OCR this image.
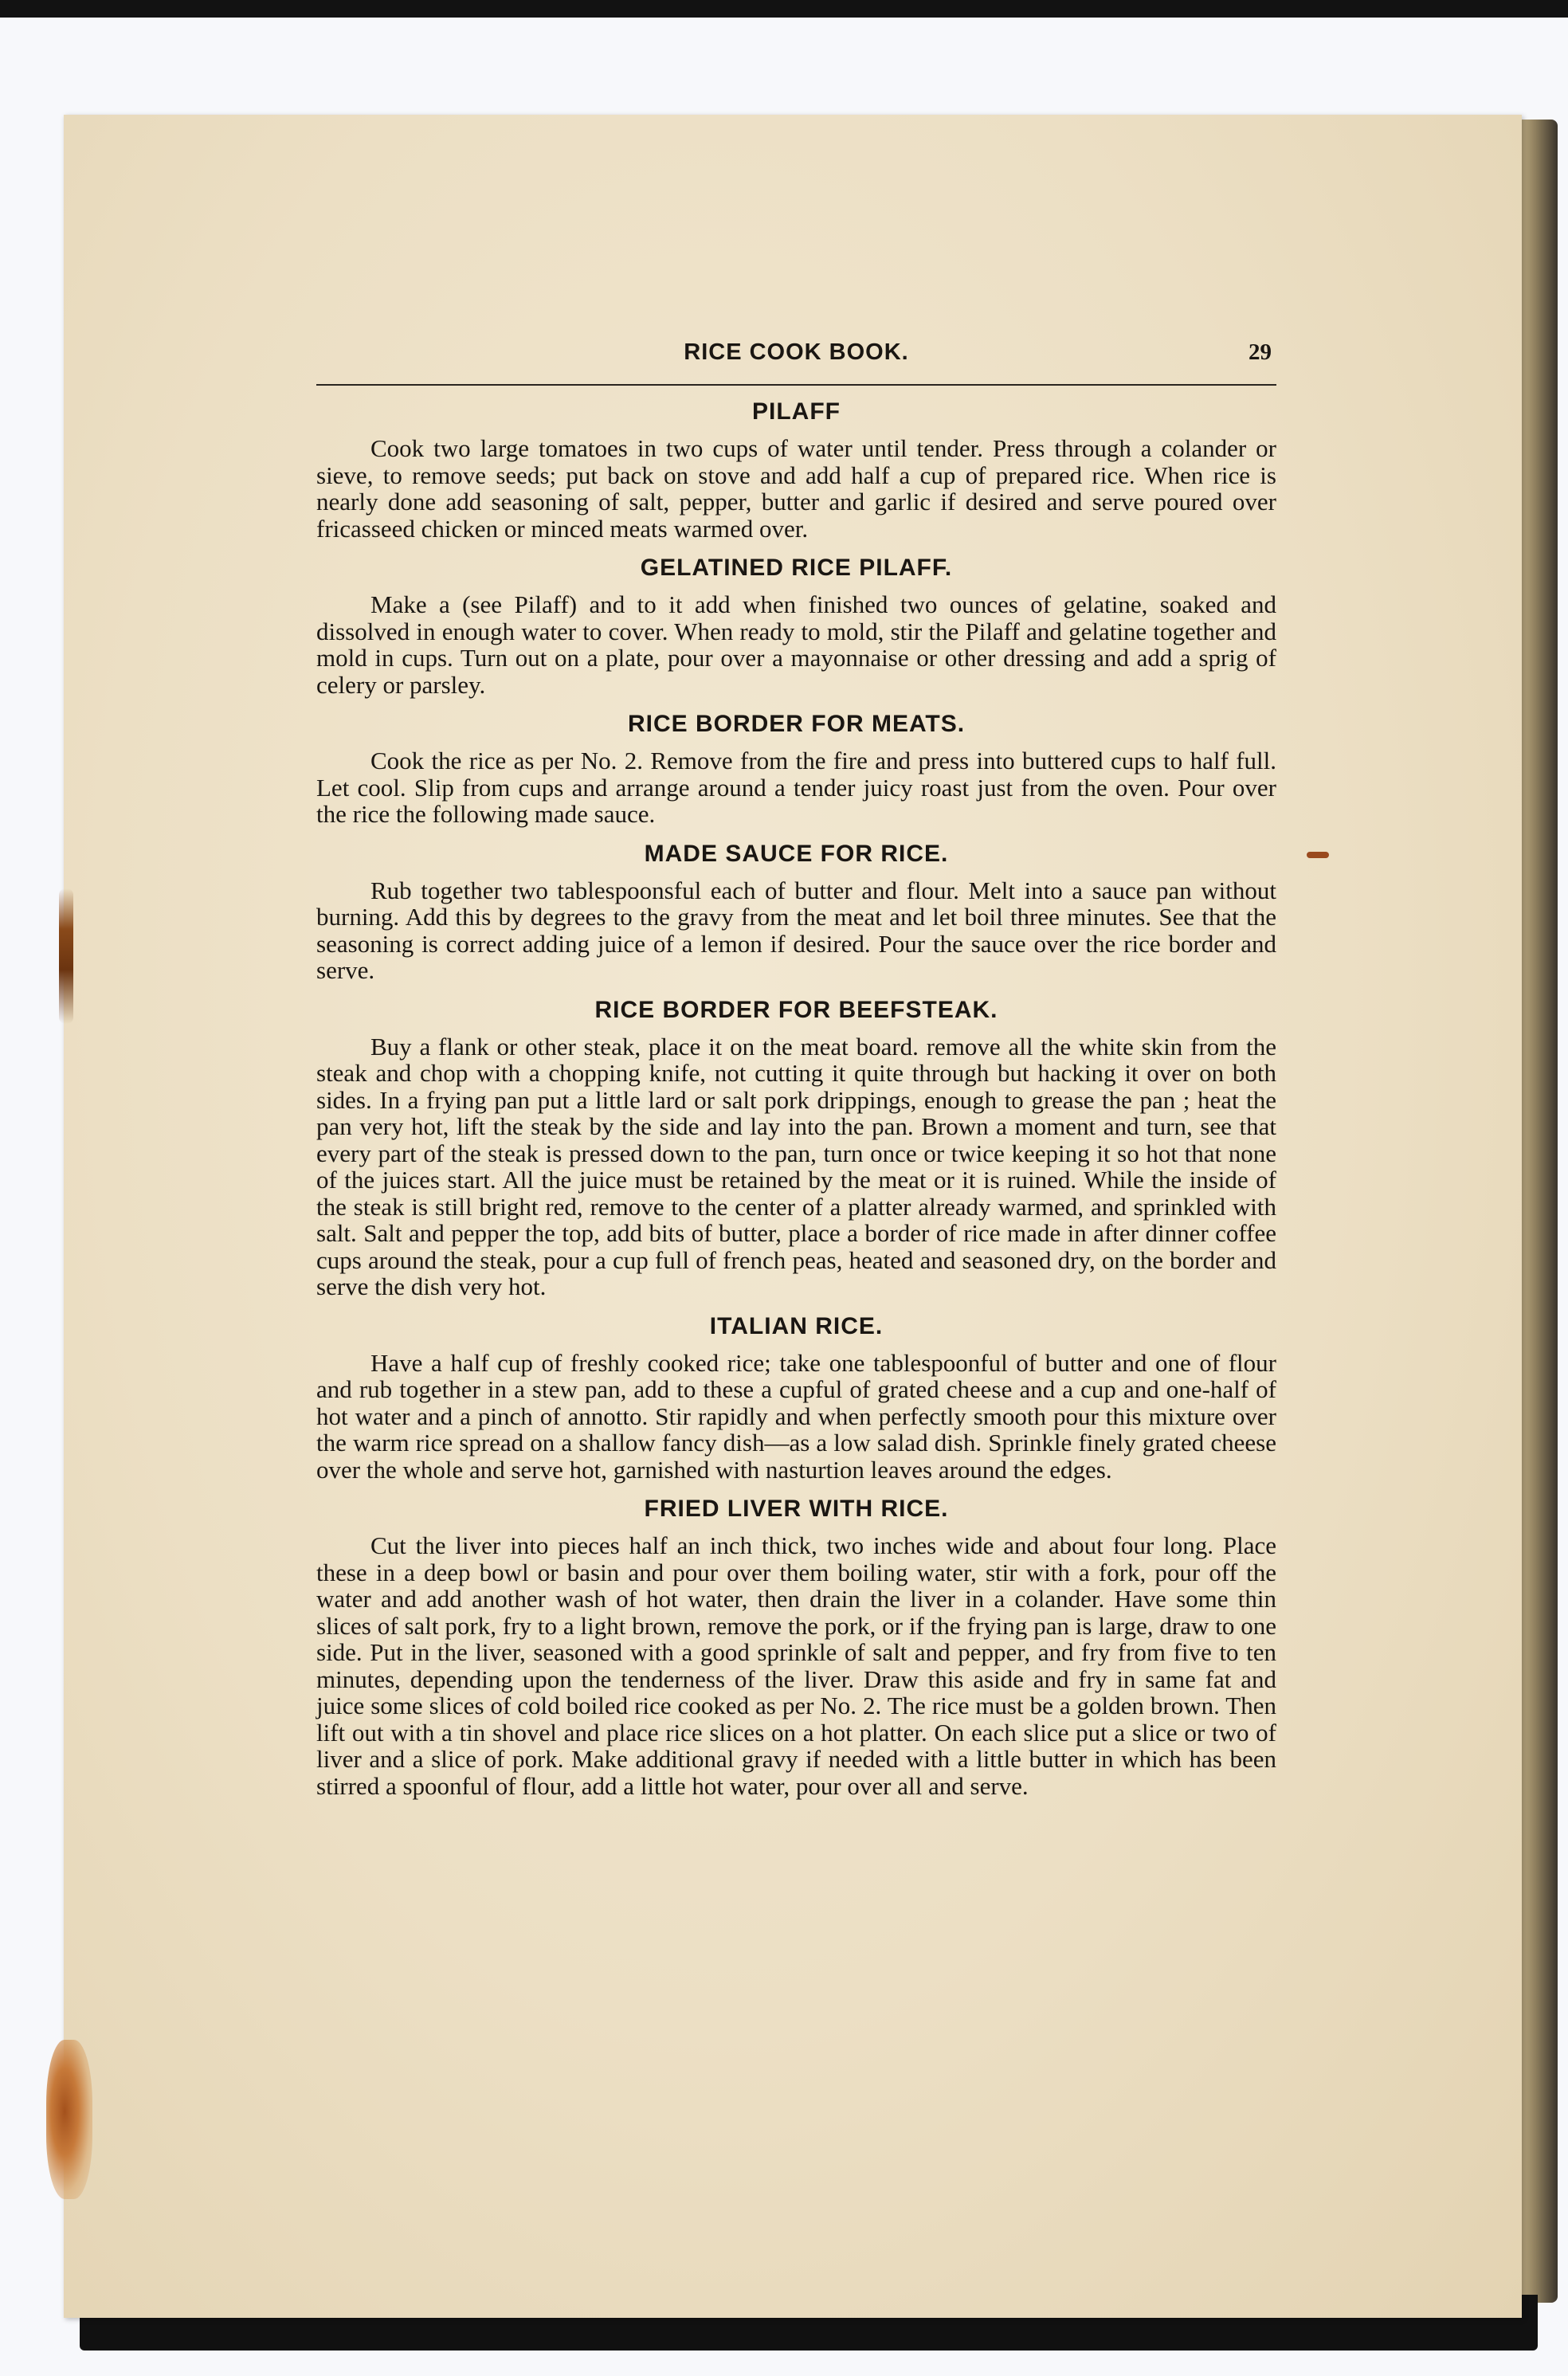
RICE COOK BOOK.	29
PILAFF

Cook two large tomatoes in two cups of water until tender. Press through a colander or sieve, to remove seeds; put back on stove and add half a cup of prepared rice. When rice is nearly done add seasoning of salt, pepper, butter and garlic if desired and serve poured over fricasseed chicken or minced meats warmed over.

GELATINED RICE PILAFF.

Make a (see Pilaff) and to it add when finished two ounces of gelatine, soaked and dissolved in enough water to cover. When ready to mold, stir the Pilaff and gelatine together and mold in cups. Turn out on a plate, pour over a mayonnaise or other dressing and add a sprig of celery or parsley.

RICE BORDER FOR MEATS.

Cook the rice as per No. 2. Remove from the fire and press into buttered cups to half full. Let cool. Slip from cups and arrange around a tender juicy roast just from the oven. Pour over the rice the following made sauce.

MADE SAUCE FOR RICE.

Rub together two tablespoonsful each of butter and flour. Melt into a sauce pan without burning. Add this by degrees to the gravy from the meat and let boil three minutes. See that the seasoning is correct adding juice of a lemon if desired. Pour the sauce over the rice border and serve.

RICE BORDER FOR BEEFSTEAK.

Buy a flank or other steak, place it on the meat board. remove all the white skin from the steak and chop with a chopping knife, not cutting it quite through but hacking it over on both sides. In a frying pan put a little lard or salt pork drippings, enough to grease the pan ; heat the pan very hot, lift the steak by the side and lay into the pan. Brown a moment and turn, see that every part of the steak is pressed down to the pan, turn once or twice keeping it so hot that none of the juices start. All the juice must be retained by the meat or it is ruined. While the inside of the steak is still bright red, remove to the center of a platter already warmed, and sprinkled with salt. Salt and pepper the top, add bits of butter, place a border of rice made in after dinner coffee cups around the steak, pour a cup full of french peas, heated and seasoned dry, on the border and serve the dish very hot.

ITALIAN RICE.

Have a half cup of freshly cooked rice; take one tablespoonful of butter and one of flour and rub together in a stew pan, add to these a cupful of grated cheese and a cup and one-half of hot water and a pinch of annotto. Stir rapidly and when perfectly smooth pour this mixture over the warm rice spread on a shallow fancy dish—as a low salad dish. Sprinkle finely grated cheese over the whole and serve hot, garnished with nasturtion leaves around the edges.

FRIED LIVER WITH RICE.

Cut the liver into pieces half an inch thick, two inches wide and about four long. Place these in a deep bowl or basin and pour over them boiling water, stir with a fork, pour off the water and add another wash of hot water, then drain the liver in a colander. Have some thin slices of salt pork, fry to a light brown, remove the pork, or if the frying pan is large, draw to one side. Put in the liver, seasoned with a good sprinkle of salt and pepper, and fry from five to ten minutes, depending upon the tenderness of the liver. Draw this aside and fry in same fat and juice some slices of cold boiled rice cooked as per No. 2. The rice must be a golden brown. Then lift out with a tin shovel and place rice slices on a hot platter. On each slice put a slice or two of liver and a slice of pork. Make additional gravy if needed with a little butter in which has been stirred a spoonful of flour, add a little hot water, pour over all and serve.
